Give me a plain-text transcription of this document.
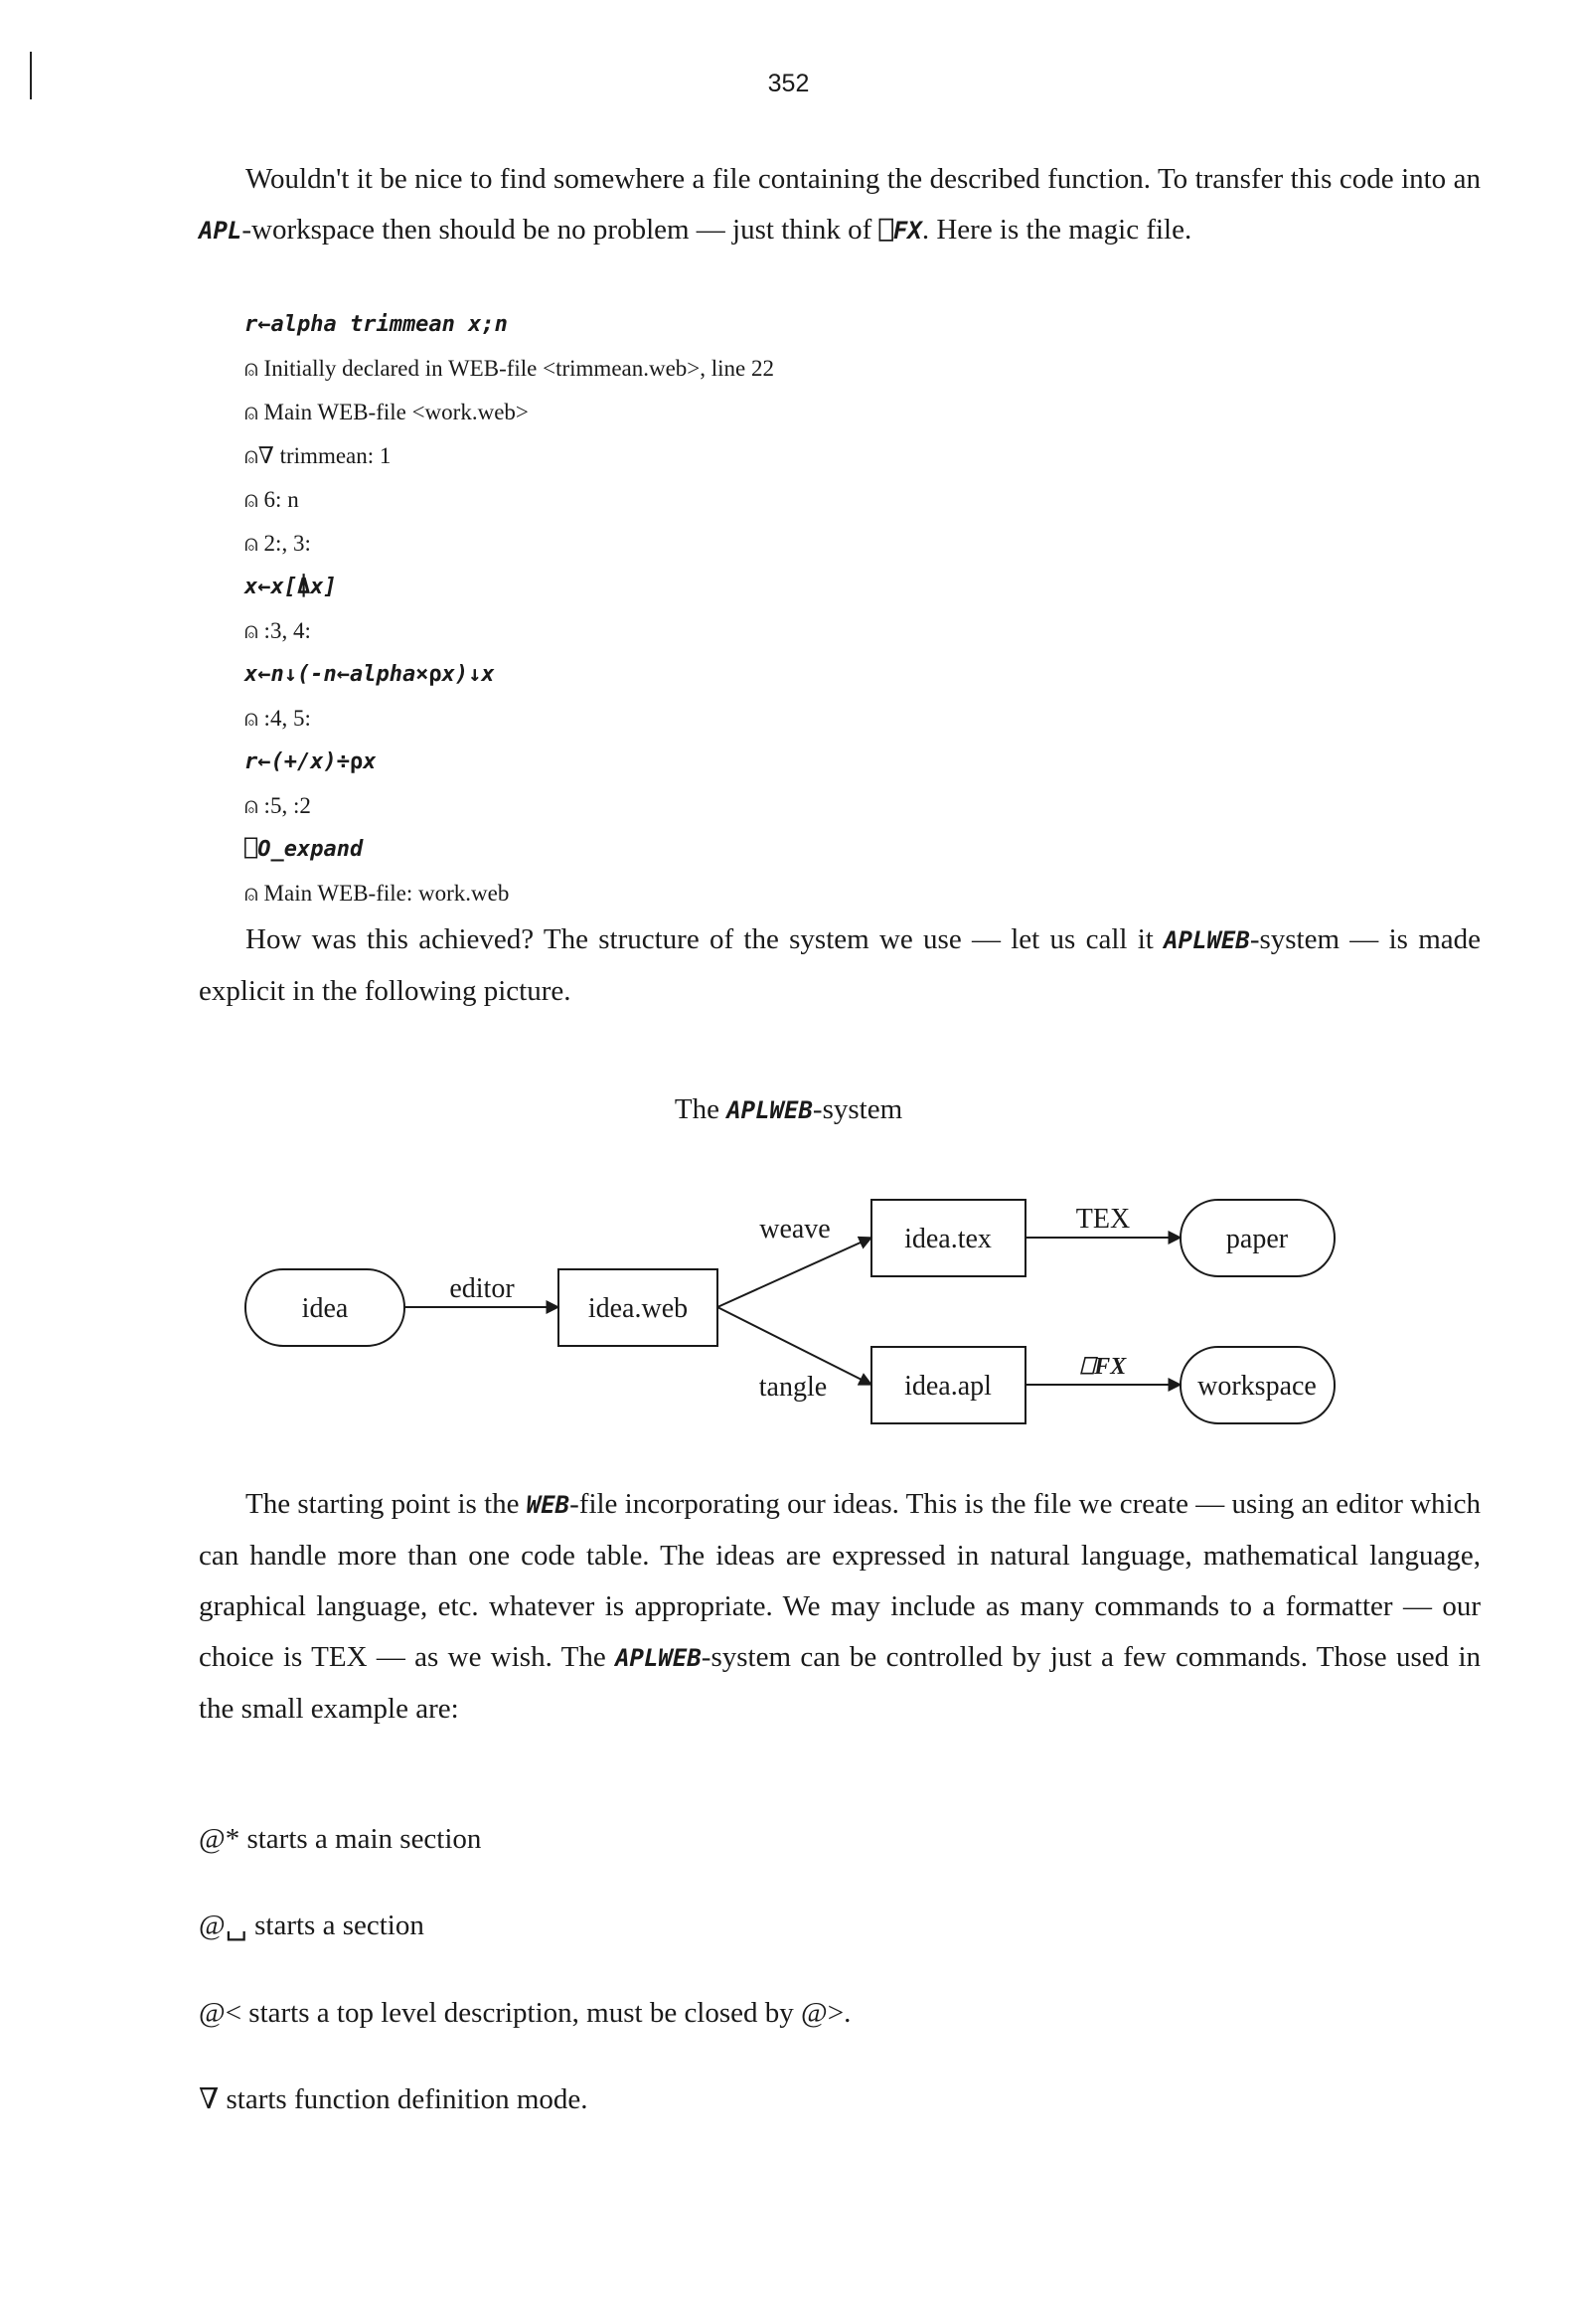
352

Wouldn't it be nice to find somewhere a file containing the described function. To transfer this code into an APL-workspace then should be no problem — just think of ⎕FX. Here is the magic file.

r←alpha trimmean x;n
⍝ Initially declared in WEB-file <trimmean.web>, line 22
⍝ Main WEB-file <work.web>
⍝∇ trimmean: 1
⍝ 6: n
⍝ 2:, 3:
x←x[⍋x]
⍝ :3, 4:
x←n↓(-n←alpha×⍴x)↓x
⍝ :4, 5:
r←(+/x)÷⍴x
⍝ :5, :2
⎕O_expand
⍝ Main WEB-file: work.web

How was this achieved? The structure of the system we use — let us call it APLWEB-system — is made explicit in the following picture.

The APLWEB-system
idea	idea.web
idea.tex
idea.apl
paper
workspace
editor
weave
tangle
TEX
⎕FX

The starting point is the WEB-file incorporating our ideas. This is the file we create — using an editor which can handle more than one code table. The ideas are expressed in natural language, mathematical language, graphical language, etc. whatever is appropriate. We may include as many commands to a formatter — our choice is TEX — as we wish. The APLWEB-system can be controlled by just a few commands. Those used in the small example are:

@* starts a main section
@␣ starts a section
@< starts a top level description, must be closed by @>.
∇ starts function definition mode.
